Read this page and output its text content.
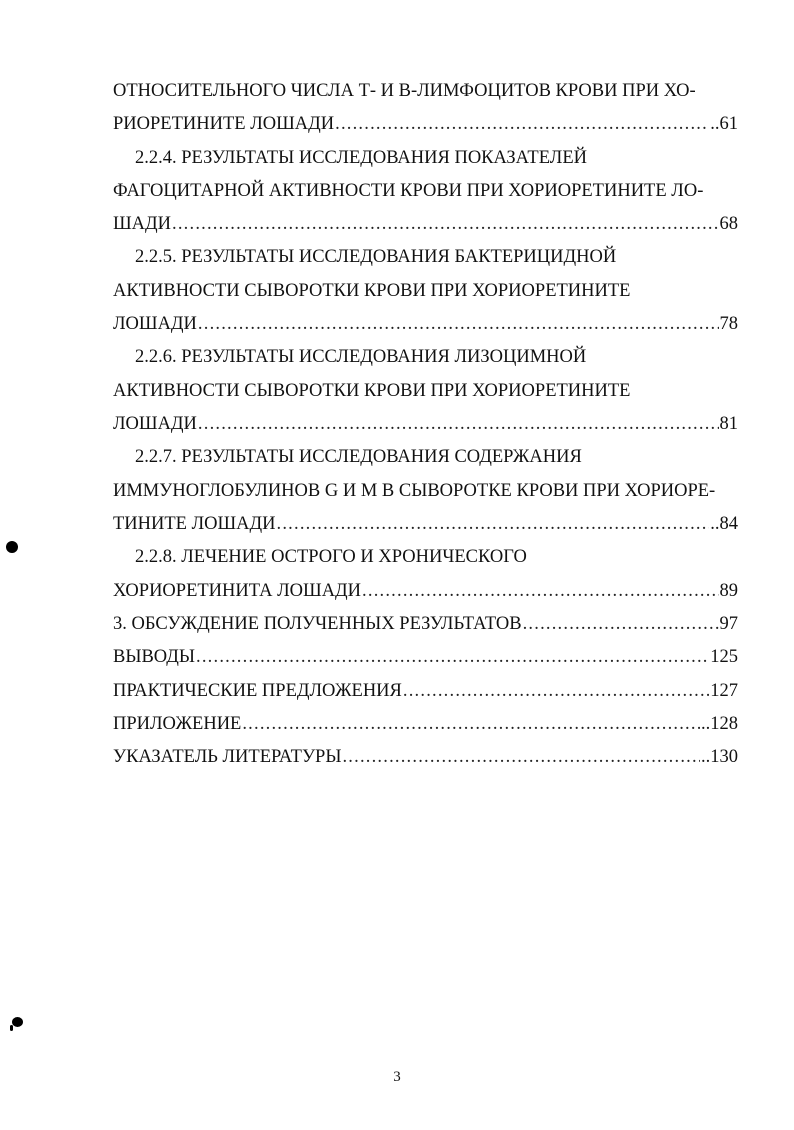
ОТНОСИТЕЛЬНОГО ЧИСЛА Т- И В-ЛИМФОЦИТОВ КРОВИ ПРИ ХО-
РИОРЕТИНИТЕ ЛОШАДИ .....	..61
2.2.4. РЕЗУЛЬТАТЫ ИССЛЕДОВАНИЯ ПОКАЗАТЕЛЕЙ
ФАГОЦИТАРНОЙ АКТИВНОСТИ КРОВИ ПРИ ХОРИОРЕТИНИТЕ ЛО-
ШАДИ .....	68
2.2.5. РЕЗУЛЬТАТЫ ИССЛЕДОВАНИЯ БАКТЕРИЦИДНОЙ
АКТИВНОСТИ СЫВОРОТКИ КРОВИ ПРИ ХОРИОРЕТИНИТЕ
ЛОШАДИ .....	78
2.2.6. РЕЗУЛЬТАТЫ ИССЛЕДОВАНИЯ ЛИЗОЦИМНОЙ
АКТИВНОСТИ СЫВОРОТКИ КРОВИ ПРИ ХОРИОРЕТИНИТЕ
ЛОШАДИ .....	81
2.2.7. РЕЗУЛЬТАТЫ ИССЛЕДОВАНИЯ СОДЕРЖАНИЯ
ИММУНОГЛОБУЛИНОВ G И М В СЫВОРОТКЕ КРОВИ ПРИ ХОРИОРЕ-
ТИНИТЕ ЛОШАДИ .....	..84
2.2.8. ЛЕЧЕНИЕ ОСТРОГО И ХРОНИЧЕСКОГО
ХОРИОРЕТИНИТА ЛОШАДИ .....	89
3. ОБСУЖДЕНИЕ ПОЛУЧЕННЫХ РЕЗУЛЬТАТОВ .....	97
ВЫВОДЫ .....	125
ПРАКТИЧЕСКИЕ ПРЕДЛОЖЕНИЯ .....	127
ПРИЛОЖЕНИЕ .....	..128
УКАЗАТЕЛЬ ЛИТЕРАТУРЫ .....	..130
3
